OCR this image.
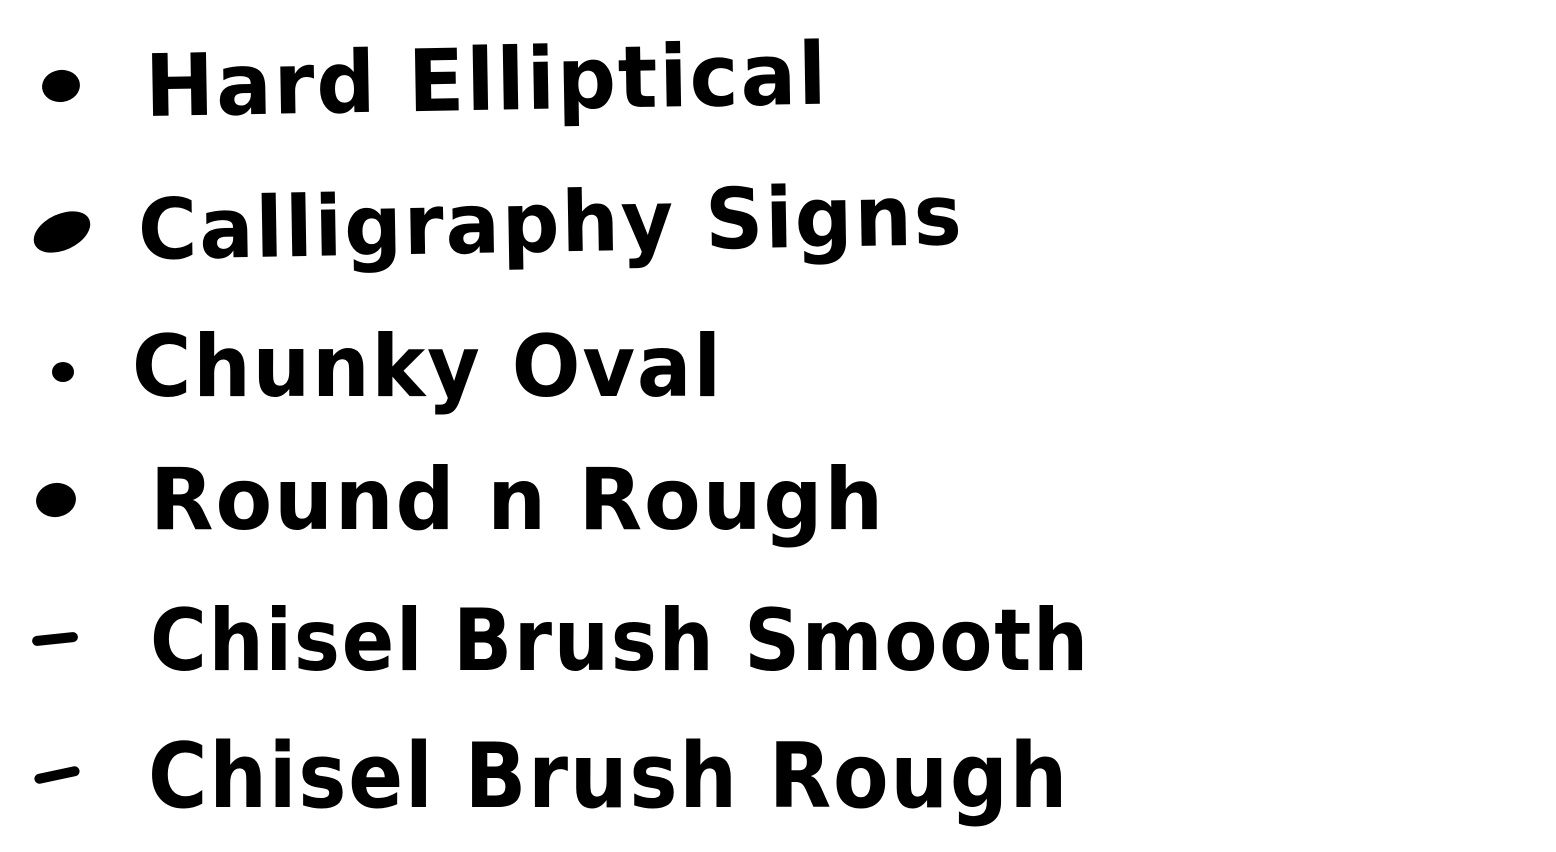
Hard Elliptical
Calligraphy Signs
Chunky Oval
Round n Rough
Chisel Brush Smooth
Chisel Brush Rough
